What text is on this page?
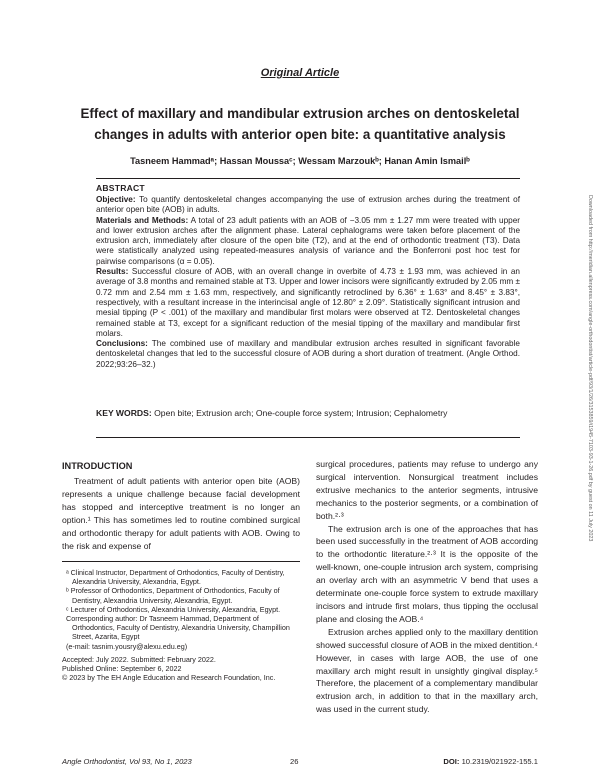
Original Article
Effect of maxillary and mandibular extrusion arches on dentoskeletal changes in adults with anterior open bite: a quantitative analysis
Tasneem Hammadᵃ; Hassan Moussaᶜ; Wessam Marzoukᵇ; Hanan Amin Ismailᵇ
ABSTRACT

Objective: To quantify dentoskeletal changes accompanying the use of extrusion arches during the treatment of anterior open bite (AOB) in adults.

Materials and Methods: A total of 23 adult patients with an AOB of −3.05 mm ± 1.27 mm were treated with upper and lower extrusion arches after the alignment phase. Lateral cephalograms were taken before placement of the extrusion arch, immediately after closure of the open bite (T2), and at the end of orthodontic treatment (T3). Data were statistically analyzed using repeated-measures analysis of variance and the Bonferroni post hoc test for pairwise comparisons (α = 0.05).

Results: Successful closure of AOB, with an overall change in overbite of 4.73 ± 1.93 mm, was achieved in an average of 3.8 months and remained stable at T3. Upper and lower incisors were significantly extruded by 2.05 mm ± 0.72 mm and 2.54 mm ± 1.63 mm, respectively, and significantly retroclined by 6.36° ± 1.63° and 8.45° ± 3.83°, respectively, with a resultant increase in the interincisal angle of 12.80° ± 2.09°. Statistically significant intrusion and mesial tipping (P < .001) of the maxillary and mandibular first molars were observed at T2. Dentoskeletal changes remained stable at T3, except for a significant reduction of the mesial tipping of the maxillary and mandibular first molars.

Conclusions: The combined use of maxillary and mandibular extrusion arches resulted in significant favorable dentoskeletal changes that led to the successful closure of AOB during a short duration of treatment. (Angle Orthod. 2022;93:26–32.)

KEY WORDS: Open bite; Extrusion arch; One-couple force system; Intrusion; Cephalometry

INTRODUCTION

Treatment of adult patients with anterior open bite (AOB) represents a unique challenge because facial development has stopped and interceptive treatment is no longer an option.¹ This has sometimes led to routine combined surgical and orthodontic therapy for adult patients with AOB. Owing to the risk and expense of

ᵃ Clinical Instructor, Department of Orthodontics, Faculty of Dentistry, Alexandria University, Alexandria, Egypt.

ᵇ Professor of Orthodontics, Department of Orthodontics, Faculty of Dentistry, Alexandria University, Alexandria, Egypt.

ᶜ Lecturer of Orthodontics, Alexandria University, Alexandria, Egypt.

Corresponding author: Dr Tasneem Hammad, Department of Orthodontics, Faculty of Dentistry, Alexandria University, Champillion Street, Azarita, Egypt

(e-mail: tasnim.yousry@alexu.edu.eg)

Accepted: July 2022. Submitted: February 2022.

Published Online: September 6, 2022

© 2023 by The EH Angle Education and Research Foundation, Inc.

surgical procedures, patients may refuse to undergo any surgical intervention. Nonsurgical treatment includes extrusive mechanics to the anterior segments, intrusive mechanics to the posterior segments, or a combination of both.²·³

The extrusion arch is one of the approaches that has been used successfully in the treatment of AOB according to the orthodontic literature.²·³ It is the opposite of the well-known, one-couple intrusion arch system, comprising an overlay arch with an asymmetric V bend that uses a determinate one-couple force system to extrude maxillary incisors and intrude first molars, thus tipping the occlusal plane and closing the AOB.⁴

Extrusion arches applied only to the maxillary dentition showed successful closure of AOB in the mixed dentition.⁴ However, in cases with large AOB, the use of one maxillary arch might result in unsightly gingival display.⁵ Therefore, the placement of a complementary mandibular extrusion arch, in addition to that in the maxillary arch, was used in the current study.

Downloaded from http://meridian.allenpress.com/angle-orthodontist/article-pdf/93/1/26/3153859/i1945-7103-93-1-26.pdf by guest on 11 July 2023
Angle Orthodontist, Vol 93, No 1, 2023	26	DOI: 10.2319/021922-155.1
